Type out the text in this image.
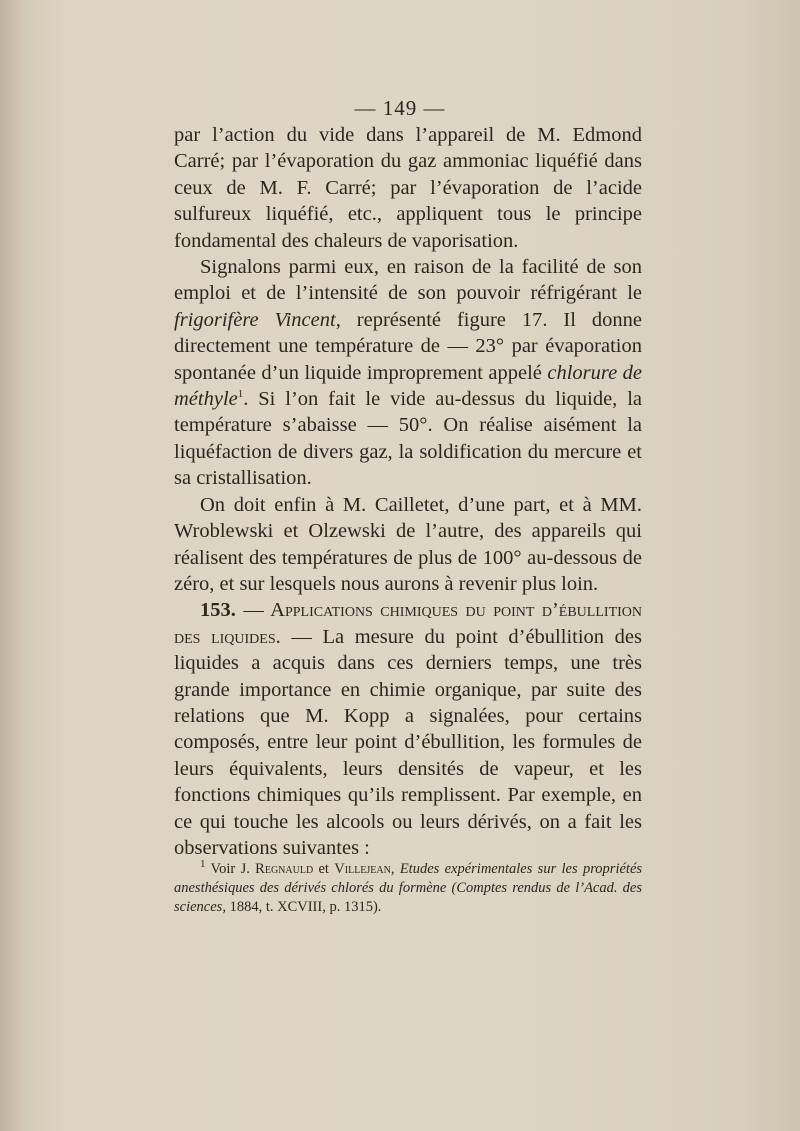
— 149 —

par l’action du vide dans l’appareil de M. Edmond Carré; par l’évaporation du gaz ammoniac liquéfié dans ceux de M. F. Carré; par l’évaporation de l’acide sulfureux liquéfié, etc., appliquent tous le principe fondamental des chaleurs de vaporisation.

Signalons parmi eux, en raison de la facilité de son emploi et de l’intensité de son pouvoir réfrigérant le frigorifère Vincent, représenté figure 17. Il donne directement une température de — 23° par évaporation spontanée d’un liquide improprement appelé chlorure de méthyle$^1$. Si l’on fait le vide au-dessus du liquide, la température s’abaisse — 50°. On réalise aisément la liquéfaction de divers gaz, la soldification du mercure et sa cristallisation.

On doit enfin à M. Cailletet, d’une part, et à MM. Wroblewski et Olzewski de l’autre, des appareils qui réalisent des températures de plus de 100° au-dessous de zéro, et sur lesquels nous aurons à revenir plus loin.

153. — Applications chimiques du point d’ébullition des liquides. — La mesure du point d’ébullition des liquides a acquis dans ces derniers temps, une très grande importance en chimie organique, par suite des relations que M. Kopp a signalées, pour certains composés, entre leur point d’ébullition, les formules de leurs équivalents, leurs densités de vapeur, et les fonctions chimiques qu’ils remplissent. Par exemple, en ce qui touche les alcools ou leurs dérivés, on a fait les observations suivantes :

$^1$ Voir J. Regnauld et Villejean, Etudes expérimentales sur les propriétés anesthésiques des dérivés chlorés du formène (Comptes rendus de l’Acad. des sciences, 1884, t. XCVIII, p. 1315).
